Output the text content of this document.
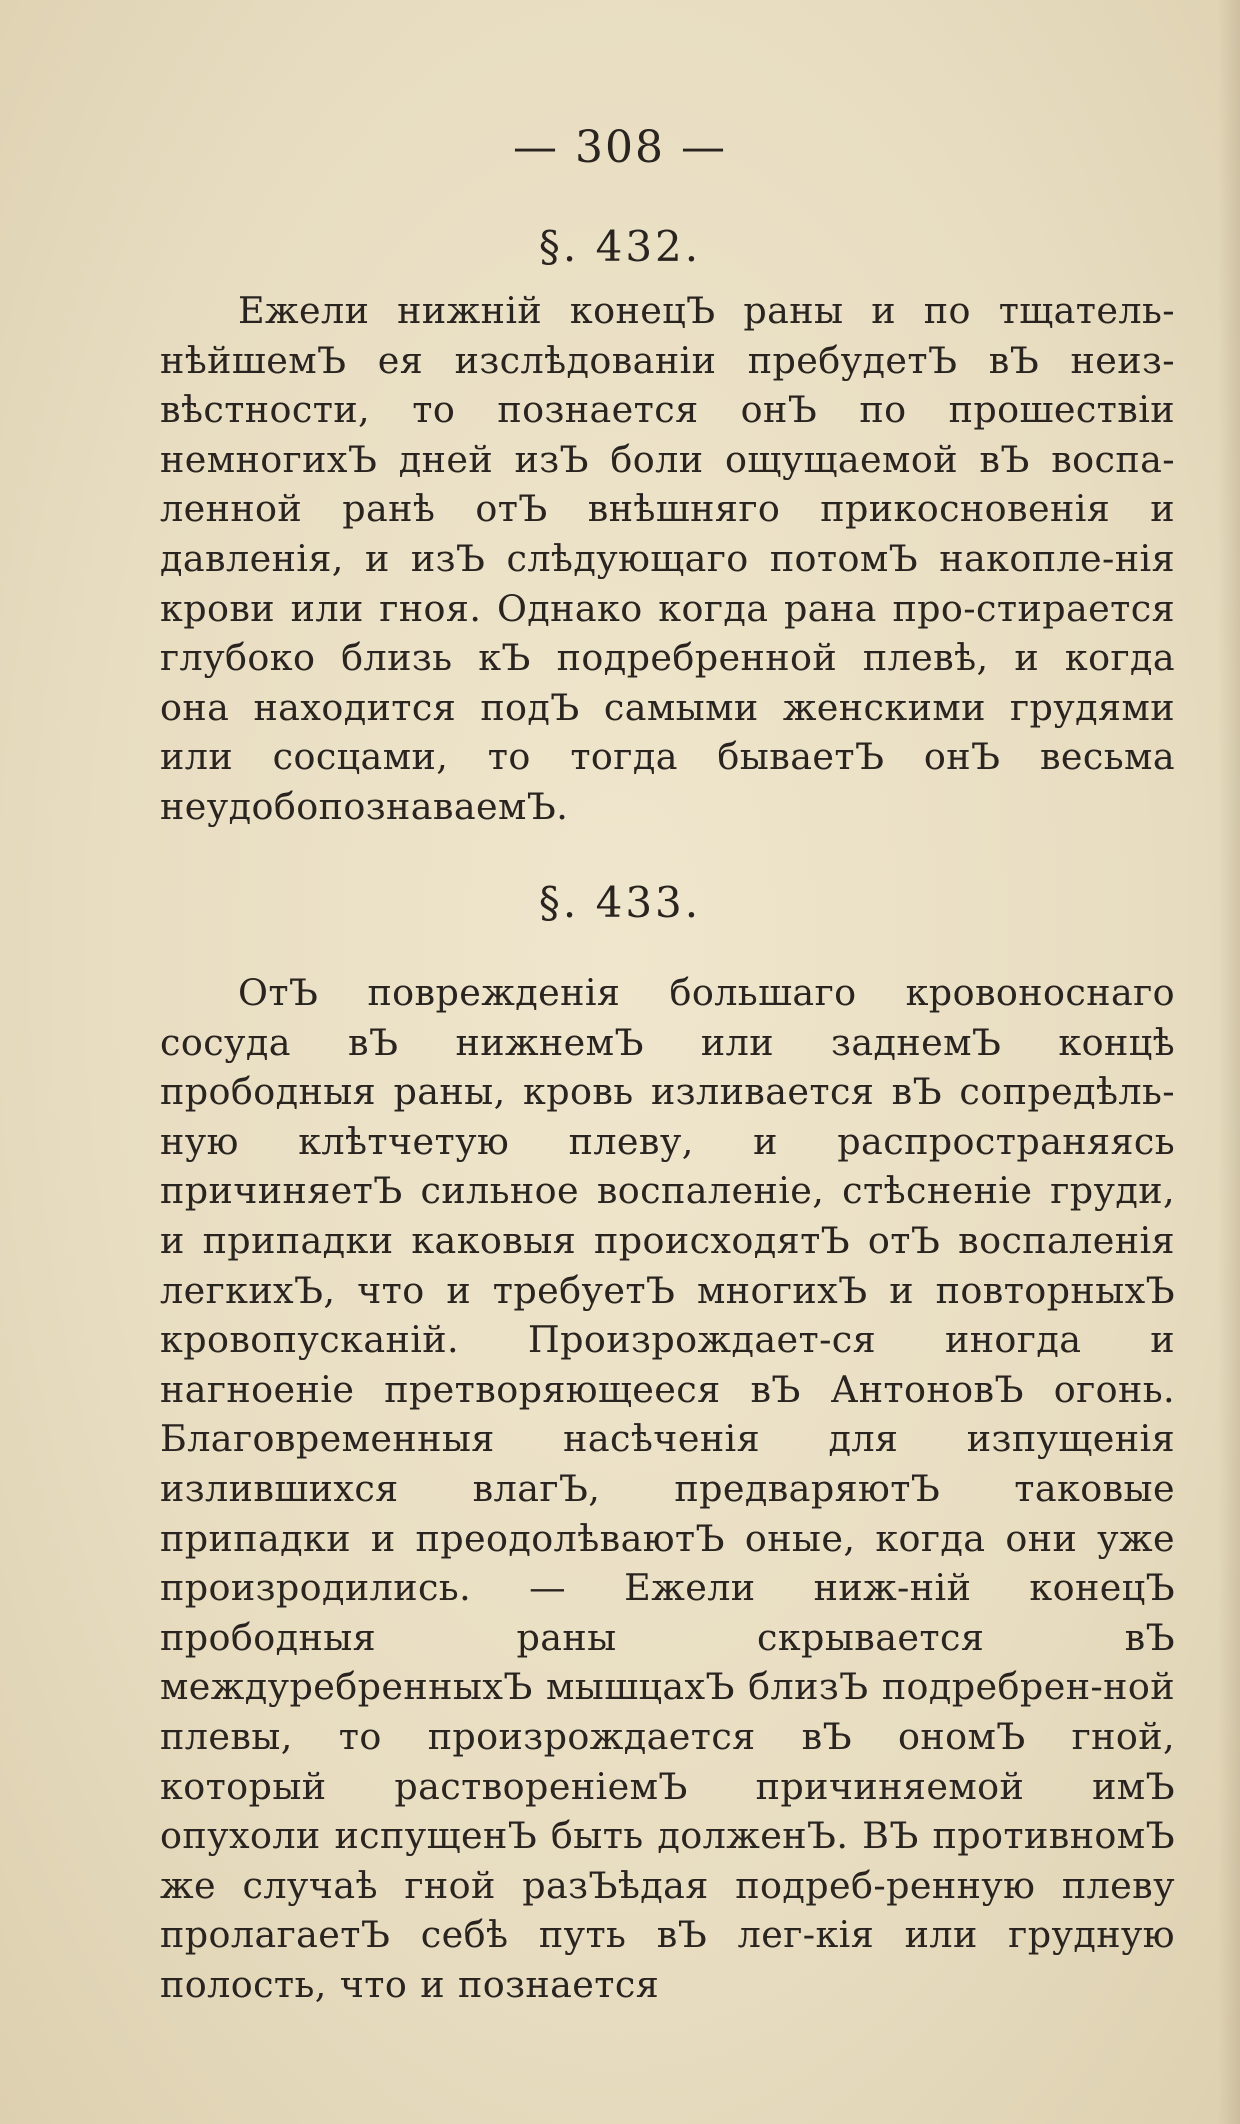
— 308 —
§. 432.

Ежели нижній конецЪ раны и по тщатель-нѣйшемЪ ея изслѣдованіи пребудетЪ вЪ неиз-вѣстности, то познается онЪ по прошествіи немногихЪ дней изЪ боли ощущаемой вЪ воспа-ленной ранѣ отЪ внѣшняго прикосновенія и давленія, и изЪ слѣдующаго потомЪ накопле-нія крови или гноя. Однако когда рана про-стирается глубоко близь кЪ подребренной плевѣ, и когда она находится подЪ самыми женскими грудями или сосцами, то тогда бываетЪ онЪ весьма неудобопознаваемЪ.

§. 433.

ОтЪ поврежденія большаго кровоноснаго сосуда вЪ нижнемЪ или заднемЪ концѣ прободныя раны, кровь изливается вЪ сопредѣль-ную клѣтчетую плеву, и распространяясь причиняетЪ сильное воспаленіе, стѣсненіе груди, и припадки каковыя происходятЪ отЪ воспаленія легкихЪ, что и требуетЪ многихЪ и повторныхЪ кровопусканій. Произрождает-ся иногда и нагноеніе претворяющееся вЪ АнтоновЪ огонь. Благовременныя насѣченія для изпущенія излившихся влагЪ, предваряютЪ таковые припадки и преодолѣваютЪ оные, когда они уже произродились. — Ежели ниж-ній конецЪ прободныя раны скрывается вЪ междуребренныхЪ мышцахЪ близЪ подребрен-ной плевы, то произрождается вЪ ономЪ гной, который раствореніемЪ причиняемой имЪ опухоли испущенЪ быть долженЪ. ВЪ противномЪ же случаѣ гной разЪѣдая подреб-ренную плеву пролагаетЪ себѣ путь вЪ лег-кія или грудную полость, что и познается
